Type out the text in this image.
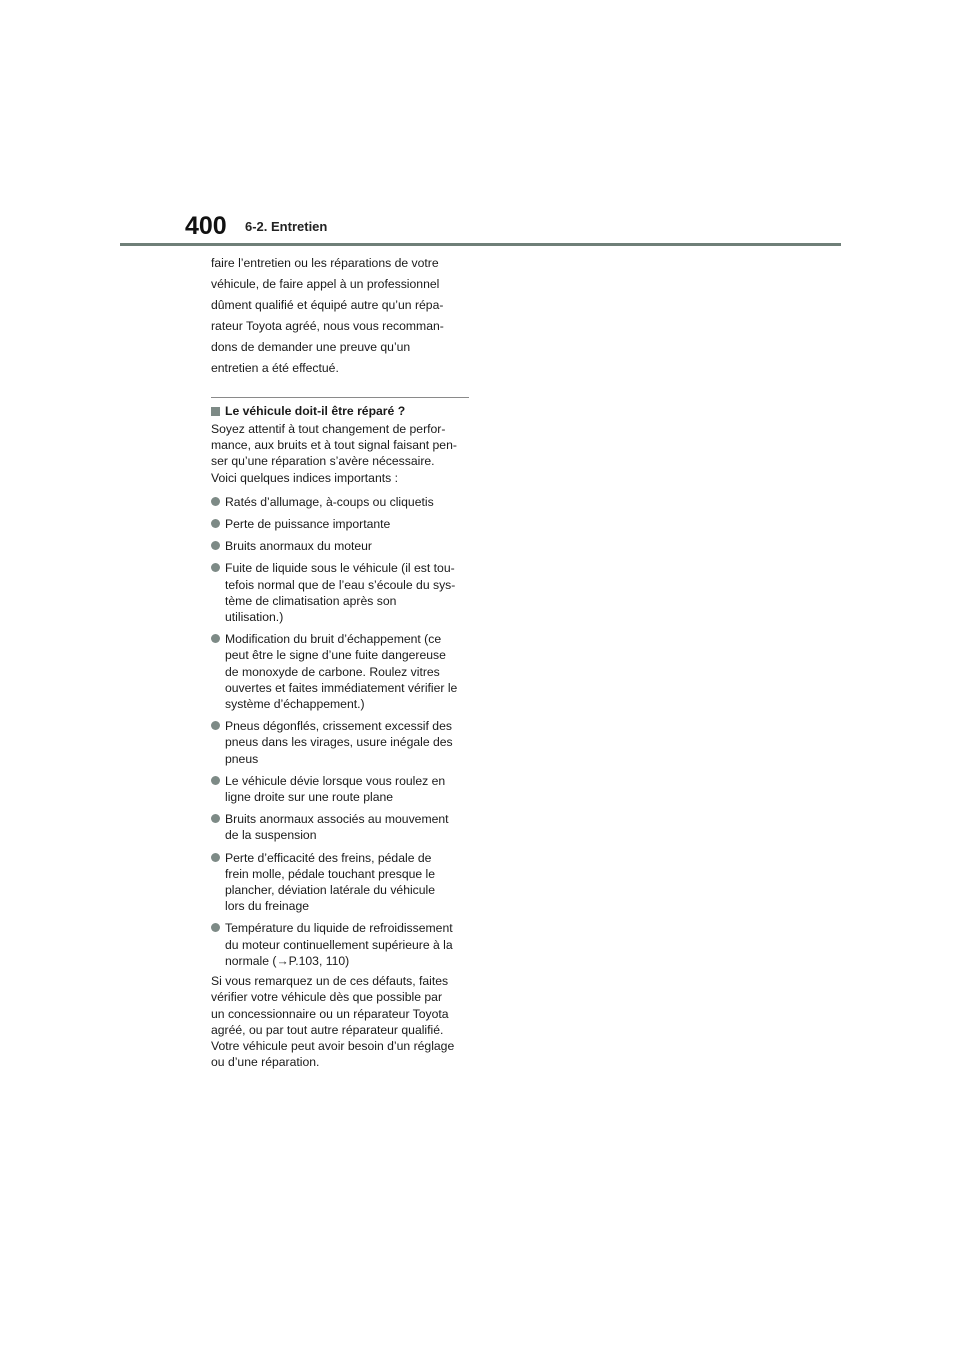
400 6-2. Entretien

faire l’entretien ou les réparations de votre

véhicule, de faire appel à un professionnel

dûment qualifié et équipé autre qu’un répa-

rateur Toyota agréé, nous vous recomman-

dons de demander une preuve qu’un

entretien a été effectué.

Le véhicule doit-il être réparé ?
Soyez attentif à tout changement de perfor-
mance, aux bruits et à tout signal faisant pen-
ser qu’une réparation s’avère nécessaire.
Voici quelques indices importants :
Ratés d’allumage, à-coups ou cliquetis
Perte de puissance importante
Bruits anormaux du moteur
Fuite de liquide sous le véhicule (il est tou-
tefois normal que de l’eau s’écoule du sys-
tème de climatisation après son
utilisation.)
Modification du bruit d’échappement (ce
peut être le signe d’une fuite dangereuse
de monoxyde de carbone. Roulez vitres
ouvertes et faites immédiatement vérifier le
système d’échappement.)
Pneus dégonflés, crissement excessif des
pneus dans les virages, usure inégale des
pneus
Le véhicule dévie lorsque vous roulez en
ligne droite sur une route plane
Bruits anormaux associés au mouvement
de la suspension
Perte d’efficacité des freins, pédale de
frein molle, pédale touchant presque le
plancher, déviation latérale du véhicule
lors du freinage
Température du liquide de refroidissement
du moteur continuellement supérieure à la
normale (→P.103, 110)
Si vous remarquez un de ces défauts, faites
vérifier votre véhicule dès que possible par
un concessionnaire ou un réparateur Toyota
agréé, ou par tout autre réparateur qualifié.
Votre véhicule peut avoir besoin d’un réglage
ou d’une réparation.
